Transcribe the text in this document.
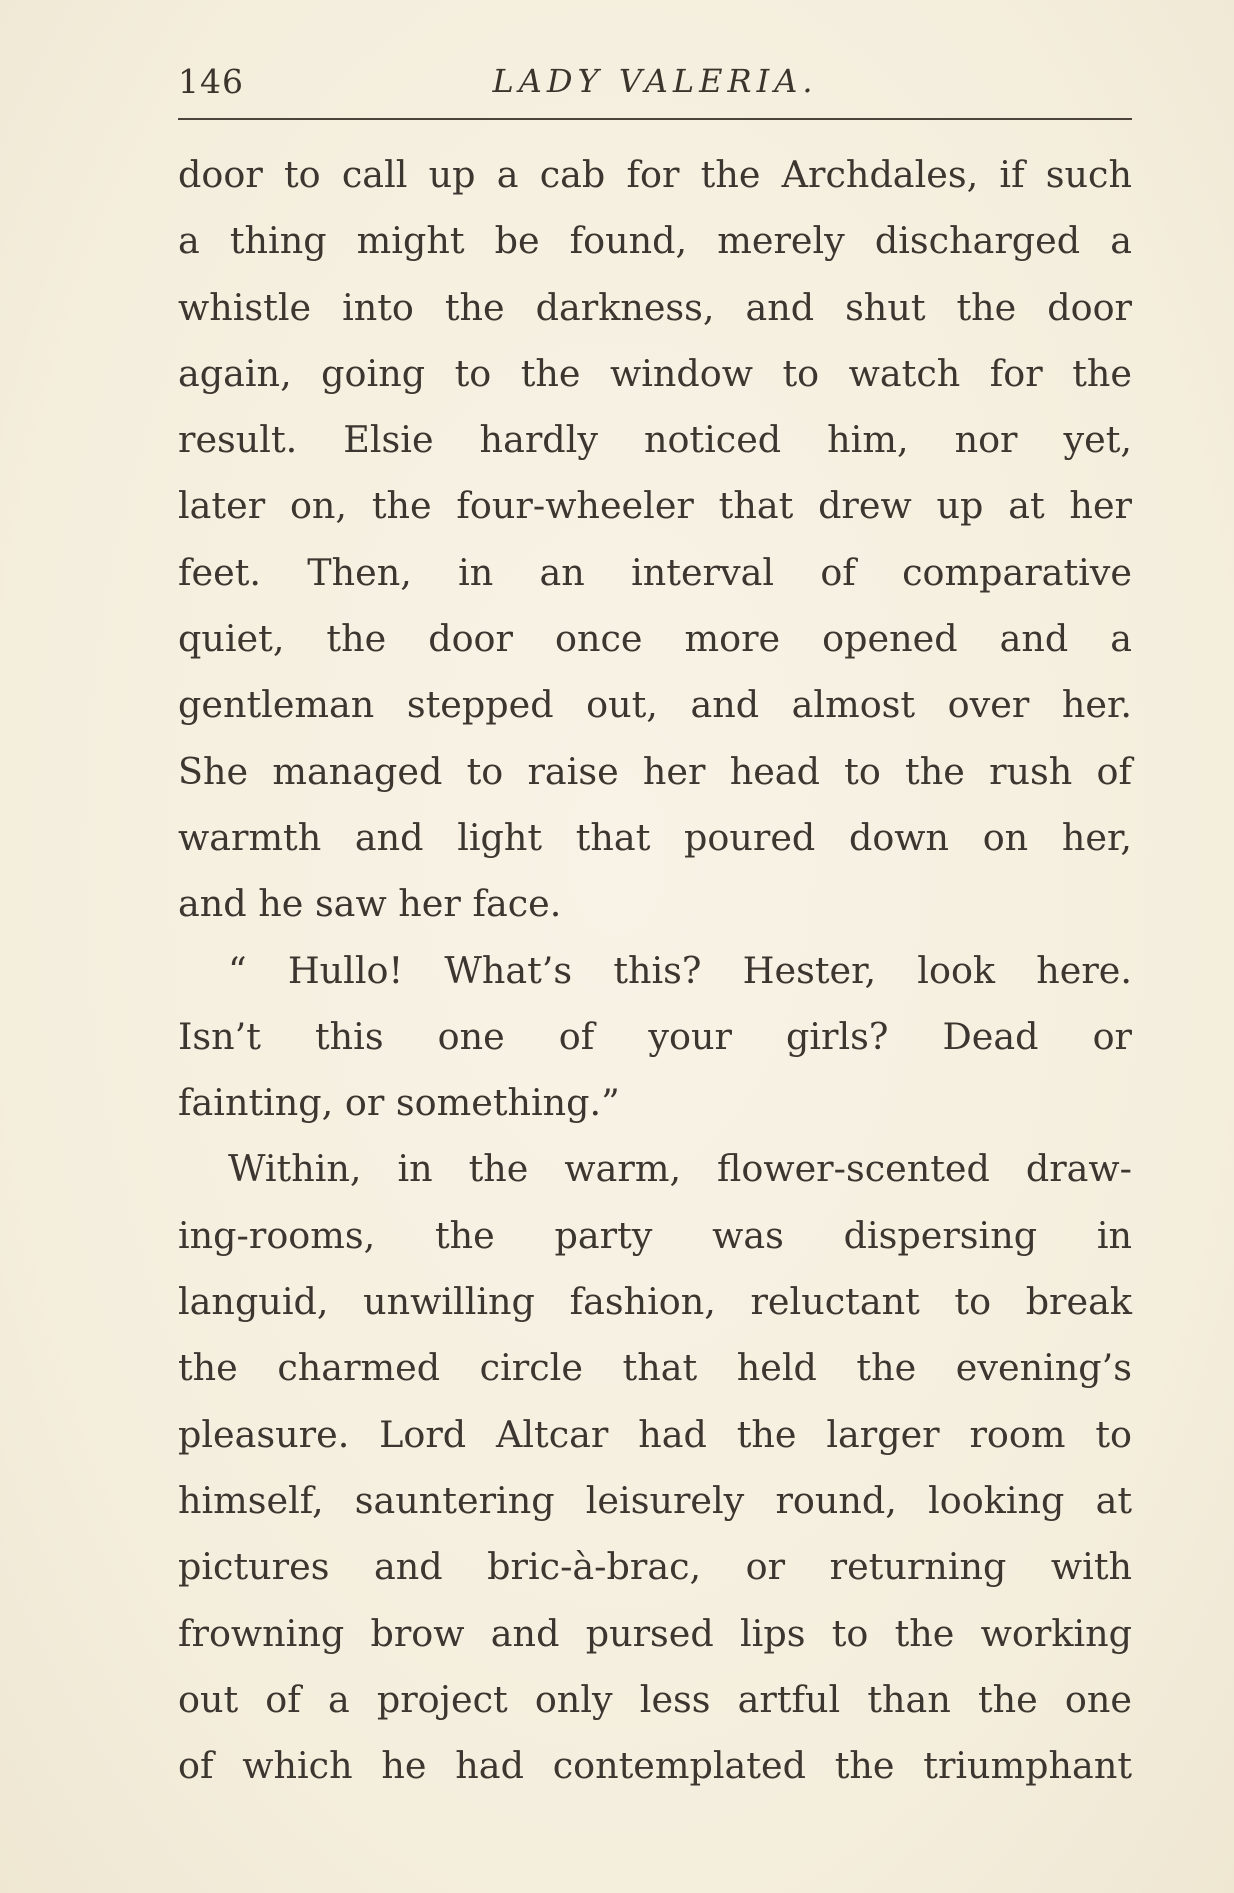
146	LADY VALERIA.
door to call up a cab for the Archdales, if such
a thing might be found, merely discharged a
whistle into the darkness, and shut the door
again, going to the window to watch for the
result. Elsie hardly noticed him, nor yet,
later on, the four-wheeler that drew up at her
feet. Then, in an interval of comparative
quiet, the door once more opened and a
gentleman stepped out, and almost over her.
She managed to raise her head to the rush of
warmth and light that poured down on her,
and he saw her face.
“ Hullo! What’s this? Hester, look here.
Isn’t this one of your girls? Dead or
fainting, or something.”
Within, in the warm, flower-scented draw-
ing-rooms, the party was dispersing in
languid, unwilling fashion, reluctant to break
the charmed circle that held the evening’s
pleasure. Lord Altcar had the larger room to
himself, sauntering leisurely round, looking at
pictures and bric-à-brac, or returning with
frowning brow and pursed lips to the working
out of a project only less artful than the one
of which he had contemplated the triumphant
